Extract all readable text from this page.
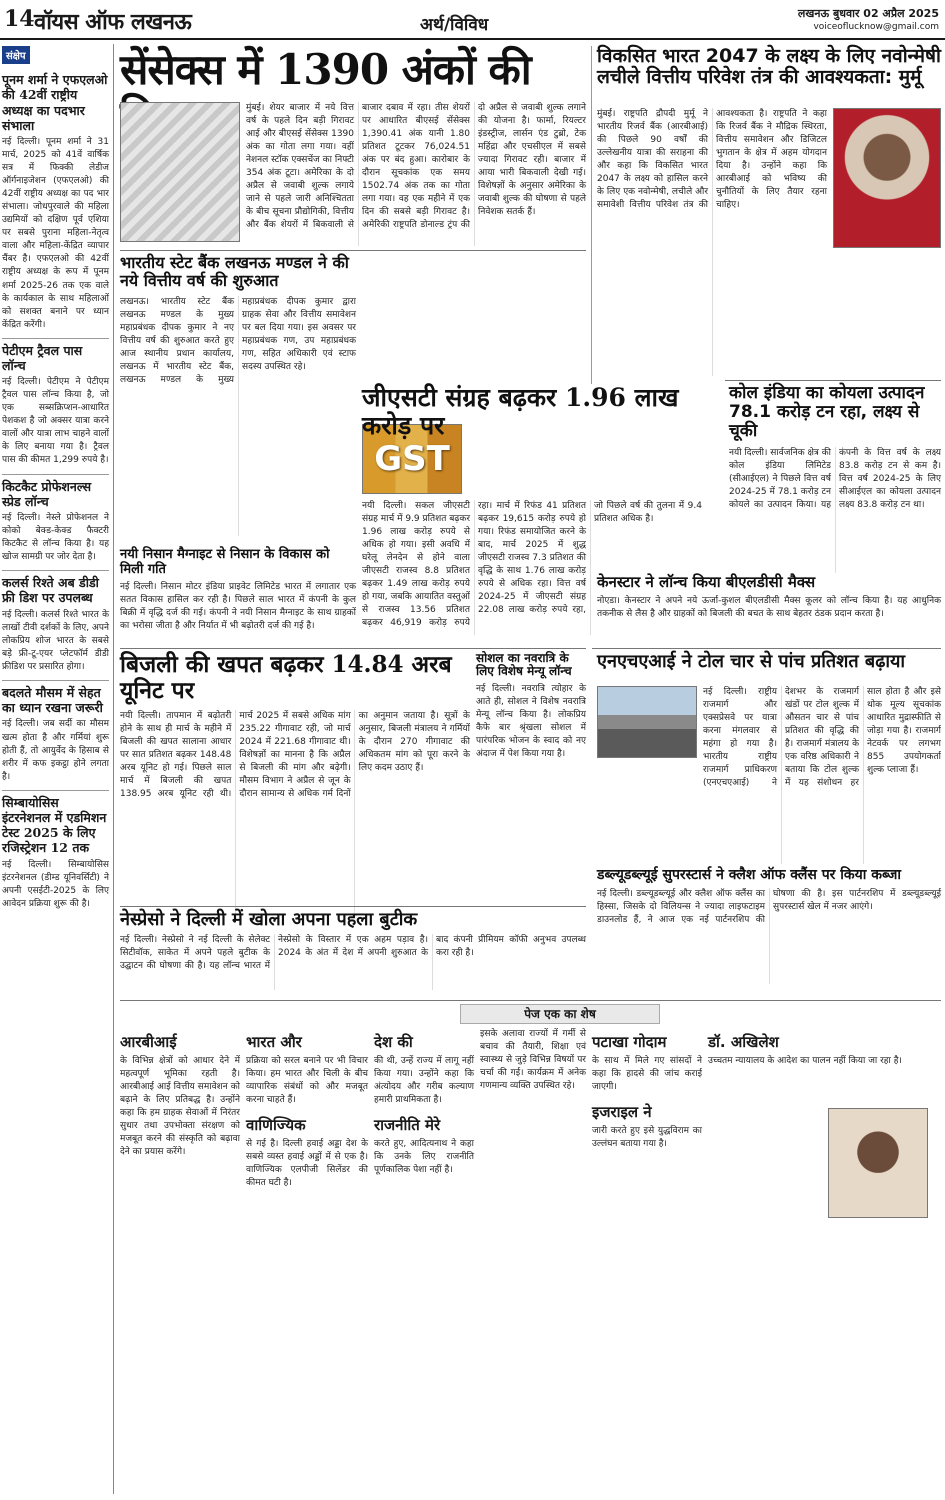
14 वॉयस ऑफ लखनऊ	अर्थ/विविध
लखनऊ बुधवार 02 अप्रैल 2025
voiceoflucknow@gmail.com
संक्षेप
पूनम शर्मा ने एफएलओ की 42वीं राष्ट्रीय अध्यक्ष का पदभार संभाला
नई दिल्ली। पूनम शर्मा ने 31 मार्च, 2025 को 41वें वार्षिक सत्र में फिक्की लेडीज ऑर्गनाइजेशन (एफएलओ) की 42वीं राष्ट्रीय अध्यक्ष का पद भार संभाला। जोधपुरवाले की महिला उद्यमियों को दक्षिण पूर्व एशिया पर सबसे पुराना महिला-नेतृत्व वाला और महिला-केंद्रित व्यापार चैंबर है। एफएलओ की 42वीं राष्ट्रीय अध्यक्ष के रूप में पूनम शर्मा 2025-26 तक एक वाले के कार्यकाल के साथ महिलाओं को सशक्त बनाने पर ध्यान केंद्रित करेंगी।
पेटीएम ट्रैवल पास लॉन्च
नई दिल्ली। पेटीएम ने पेटीएम ट्रैवल पास लॉन्च किया है, जो एक सब्सक्रिप्शन-आधारित पेशकश है जो अक्सर यात्रा करने वालों और यात्रा लाभ चाहने वालों के लिए बनाया गया है। ट्रैवल पास की कीमत 1,299 रुपये है।
किटकैट प्रोफेशनल्स स्प्रेड लॉन्च
नई दिल्ली। नेस्ले प्रोफेशनल ने कोको बेक्ड-केक्ड फैक्टरी किटकैट से लॉन्च किया है। यह खोज सामग्री पर जोर देता है।
कलर्स रिश्ते अब डीडी फ्री डिश पर उपलब्ध
नई दिल्ली। कलर्स रिश्ते भारत के लाखों टीवी दर्शकों के लिए, अपने लोकप्रिय शोज भारत के सबसे बड़े फ्री-टू-एयर प्लेटफॉर्म डीडी फ्रीडिश पर प्रसारित होगा।
बदलते मौसम में सेहत का ध्यान रखना जरूरी
नई दिल्ली। जब सर्दी का मौसम खत्म होता है और गर्मियां शुरू होती हैं, तो आयुर्वेद के हिसाब से शरीर में कफ इकट्ठा होने लगता है।
सिम्बायोसिस इंटरनेशनल में एडमिशन टेस्ट 2025 के लिए रजिस्ट्रेशन 12 तक
नई दिल्ली। सिम्बायोसिस इंटरनेशनल (डीम्ड यूनिवर्सिटी) ने अपनी एसईटी-2025 के लिए आवेदन प्रक्रिया शुरू की है।
सेंसेक्स में 1390 अंकों की
मुंबई। शेयर बाजार में नये वित्त वर्ष के पहले दिन बड़ी गिरावट आई और बीएसई सेंसेक्स 1390 अंक का गोता लगा गया। वहीं नेशनल स्टॉक एक्सचेंज का निफ्टी 354 अंक टूटा। अमेरिका के दो अप्रैल से जवाबी शुल्क लगाये जाने से पहले जारी अनिश्चितता के बीच सूचना प्रौद्योगिकी, वित्तीय और बैंक शेयरों में बिकवाली से बाजार दबाव में रहा। तीस शेयरों पर आधारित बीएसई सेंसेक्स 1,390.41 अंक यानी 1.80 प्रतिशत टूटकर 76,024.51 अंक पर बंद हुआ। कारोबार के दौरान सूचकांक एक समय 1502.74 अंक तक का गोता लगा गया। वह एक महीने में एक दिन की सबसे बड़ी गिरावट है। अमेरिकी राष्ट्रपति डोनाल्ड ट्रंप की दो अप्रैल से जवाबी शुल्क लगाने की योजना है। फार्मा, रियल्टर इंडस्ट्रीज, लार्सन एंड टुब्रो, टेक महिंद्रा और एचसीएल में सबसे ज्यादा गिरावट रही। बाजार में आया भारी बिकवाली देखी गई। विशेषज्ञों के अनुसार अमेरिका के जवाबी शुल्क की घोषणा से पहले निवेशक सतर्क हैं।
भारतीय स्टेट बैंक लखनऊ मण्डल ने की नये वित्तीय वर्ष की शुरुआत
लखनऊ। भारतीय स्टेट बैंक लखनऊ मण्डल के मुख्य महाप्रबंधक दीपक कुमार ने नए वित्तीय वर्ष की शुरुआत करते हुए आज स्थानीय प्रधान कार्यालय, लखनऊ में भारतीय स्टेट बैंक, लखनऊ मण्डल के मुख्य महाप्रबंधक दीपक कुमार द्वारा ग्राहक सेवा और वित्तीय समावेशन पर बल दिया गया। इस अवसर पर महाप्रबंधक गण, उप महाप्रबंधक गण, सहित अधिकारी एवं स्टाफ सदस्य उपस्थित रहे।
GST
नयी दिल्ली। सकल जीएसटी संग्रह मार्च में 9.9 प्रतिशत बढ़कर 1.96 लाख करोड़ रुपये से अधिक हो गया। इसी अवधि में घरेलू लेनदेन से होने वाला जीएसटी राजस्व 8.8 प्रतिशत बढ़कर 1.49 लाख करोड़ रुपये हो गया, जबकि आयातित वस्तुओं से राजस्व 13.56 प्रतिशत बढ़कर 46,919 करोड़ रुपये रहा। मार्च में रिफंड 41 प्रतिशत बढ़कर 19,615 करोड़ रुपये हो गया। रिफंड समायोजित करने के बाद, मार्च 2025 में शुद्ध जीएसटी राजस्व 7.3 प्रतिशत की वृद्धि के साथ 1.76 लाख करोड़ रुपये से अधिक रहा। वित्त वर्ष 2024-25 में जीएसटी संग्रह 22.08 लाख करोड़ रुपये रहा, जो पिछले वर्ष की तुलना में 9.4 प्रतिशत अधिक है।
जीएसटी संग्रह बढ़कर 1.96 लाख करोड़ पर
नयी निसान मैग्नाइट से निसान के विकास को मिली गति
नई दिल्ली। निसान मोटर इंडिया प्राइवेट लिमिटेड भारत में लगातार एक सतत विकास हासिल कर रही है। पिछले साल भारत में कंपनी के कुल बिक्री में वृद्धि दर्ज की गई। कंपनी ने नयी निसान मैग्नाइट के साथ ग्राहकों का भरोसा जीता है और निर्यात में भी बढ़ोतरी दर्ज की गई है।
बिजली की खपत बढ़कर 14.84 अरब यूनिट पर
नयी दिल्ली। तापमान में बढ़ोतरी होने के साथ ही मार्च के महीने में बिजली की खपत सालाना आधार पर सात प्रतिशत बढ़कर 148.48 अरब यूनिट हो गई। पिछले साल मार्च में बिजली की खपत 138.95 अरब यूनिट रही थी। मार्च 2025 में सबसे अधिक मांग 235.22 गीगावाट रही, जो मार्च 2024 में 221.68 गीगावाट थी। विशेषज्ञों का मानना है कि अप्रैल से बिजली की मांग और बढ़ेगी। मौसम विभाग ने अप्रैल से जून के दौरान सामान्य से अधिक गर्म दिनों का अनुमान जताया है। सूत्रों के अनुसार, बिजली मंत्रालय ने गर्मियों के दौरान 270 गीगावाट की अधिकतम मांग को पूरा करने के लिए कदम उठाए हैं।
सोशल का नवरात्रि के लिए विशेष मेन्यू लॉन्च
नई दिल्ली। नवरात्रि त्योहार के आते ही, सोशल ने विशेष नवरात्रि मेन्यू लॉन्च किया है। लोकप्रिय कैफे बार श्रृंखला सोशल में पारंपरिक भोजन के स्वाद को नए अंदाज में पेश किया गया है।
नेस्प्रेसो ने दिल्ली में खोला अपना पहला बुटीक
नई दिल्ली। नेस्प्रेसो ने नई दिल्ली के सेलेक्ट सिटीवॉक, साकेत में अपने पहले बुटीक के उद्घाटन की घोषणा की है। यह लॉन्च भारत में नेस्प्रेसो के विस्तार में एक अहम पड़ाव है। 2024 के अंत में देश में अपनी शुरुआत के बाद कंपनी प्रीमियम कॉफी अनुभव उपलब्ध करा रही है।
विकसित भारत 2047 के लक्ष्य के लिए नवोन्मेषी लचीले वित्तीय परिवेश तंत्र की आवश्यकता: मुर्मू
मुंबई। राष्ट्रपति द्रौपदी मुर्मू ने भारतीय रिजर्व बैंक (आरबीआई) की पिछले 90 वर्षों की उल्लेखनीय यात्रा की सराहना की और कहा कि विकसित भारत 2047 के लक्ष्य को हासिल करने के लिए एक नवोन्मेषी, लचीले और समावेशी वित्तीय परिवेश तंत्र की आवश्यकता है। राष्ट्रपति ने कहा कि रिजर्व बैंक ने मौद्रिक स्थिरता, वित्तीय समावेशन और डिजिटल भुगतान के क्षेत्र में अहम योगदान दिया है। उन्होंने कहा कि आरबीआई को भविष्य की चुनौतियों के लिए तैयार रहना चाहिए।
कोल इंडिया का कोयला उत्पादन 78.1 करोड़ टन रहा, लक्ष्य से चूकी
नयी दिल्ली। सार्वजनिक क्षेत्र की कोल इंडिया लिमिटेड (सीआईएल) ने पिछले वित्त वर्ष 2024-25 में 78.1 करोड़ टन कोयले का उत्पादन किया। यह कंपनी के वित्त वर्ष के लक्ष्य 83.8 करोड़ टन से कम है। वित्त वर्ष 2024-25 के लिए सीआईएल का कोयला उत्पादन लक्ष्य 83.8 करोड़ टन था।
केनस्टार ने लॉन्च किया बीएलडीसी मैक्स
नोएडा। केनस्टार ने अपने नये ऊर्जा-कुशल बीएलडीसी मैक्स कूलर को लॉन्च किया है। यह आधुनिक तकनीक से लैस है और ग्राहकों को बिजली की बचत के साथ बेहतर ठंडक प्रदान करता है।
एनएचएआई ने टोल चार से पांच प्रतिशत बढ़ाया
नई दिल्ली। राष्ट्रीय राजमार्ग और एक्सप्रेसवे पर यात्रा करना मंगलवार से महंगा हो गया है। भारतीय राष्ट्रीय राजमार्ग प्राधिकरण (एनएचएआई) ने देशभर के राजमार्ग खंडों पर टोल शुल्क में औसतन चार से पांच प्रतिशत की वृद्धि की है। राजमार्ग मंत्रालय के एक वरिष्ठ अधिकारी ने बताया कि टोल शुल्क में यह संशोधन हर साल होता है और इसे थोक मूल्य सूचकांक आधारित मुद्रास्फीति से जोड़ा गया है। राजमार्ग नेटवर्क पर लगभग 855 उपयोगकर्ता शुल्क प्लाजा हैं।
डब्ल्यूडब्ल्यूई सुपरस्टार्स ने क्लैश ऑफ क्लैंस पर किया कब्जा
नई दिल्ली। डब्ल्यूडब्ल्यूई और क्लैश ऑफ क्लैंस का हिस्सा, जिसके दो विलियन्स ने ज्यादा लाइफटाइम डाउनलोड हैं, ने आज एक नई पार्टनरशिप की घोषणा की है। इस पार्टनरशिप में डब्ल्यूडब्ल्यूई सुपरस्टार्स खेल में नजर आएंगे।
पेज एक का शेष
आरबीआई
के विभिन्न क्षेत्रों को आधार देने में महत्वपूर्ण भूमिका रहती है। आरबीआई आई वित्तीय समावेशन को बढ़ाने के लिए प्रतिबद्ध है। उन्होंने कहा कि हम ग्राहक सेवाओं में निरंतर सुधार तथा उपभोक्ता संरक्षण को मजबूत करने की संस्कृति को बढ़ावा देने का प्रयास करेंगे।
भारत और
प्रक्रिया को सरल बनाने पर भी विचार किया। हम भारत और चिली के बीच व्यापारिक संबंधों को और मजबूत करना चाहते हैं।
वाणिज्यिक
से गई है। दिल्ली हवाई अड्डा देश के सबसे व्यस्त हवाई अड्डों में से एक है। वाणिज्यिक एलपीजी सिलेंडर की कीमत घटी है।
देश की
की थी, उन्हें राज्य में लागू नहीं किया गया। उन्होंने कहा कि अंत्योदय और गरीब कल्याण हमारी प्राथमिकता है।
राजनीति मेरे
करते हुए, आदित्यनाथ ने कहा कि उनके लिए राजनीति पूर्णकालिक पेशा नहीं है।
इसके अलावा राज्यों में गर्मी से बचाव की तैयारी, शिक्षा एवं स्वास्थ्य से जुड़े विभिन्न विषयों पर चर्चा की गई। कार्यक्रम में अनेक गणमान्य व्यक्ति उपस्थित रहे।
पटाखा गोदाम
के साथ में मिले गए सांसदों ने कहा कि हादसे की जांच कराई जाएगी।
इजराइल ने
जारी करते हुए इसे युद्धविराम का उल्लंघन बताया गया है।
डॉ. अखिलेश
उच्चतम न्यायालय के आदेश का पालन नहीं किया जा रहा है।
